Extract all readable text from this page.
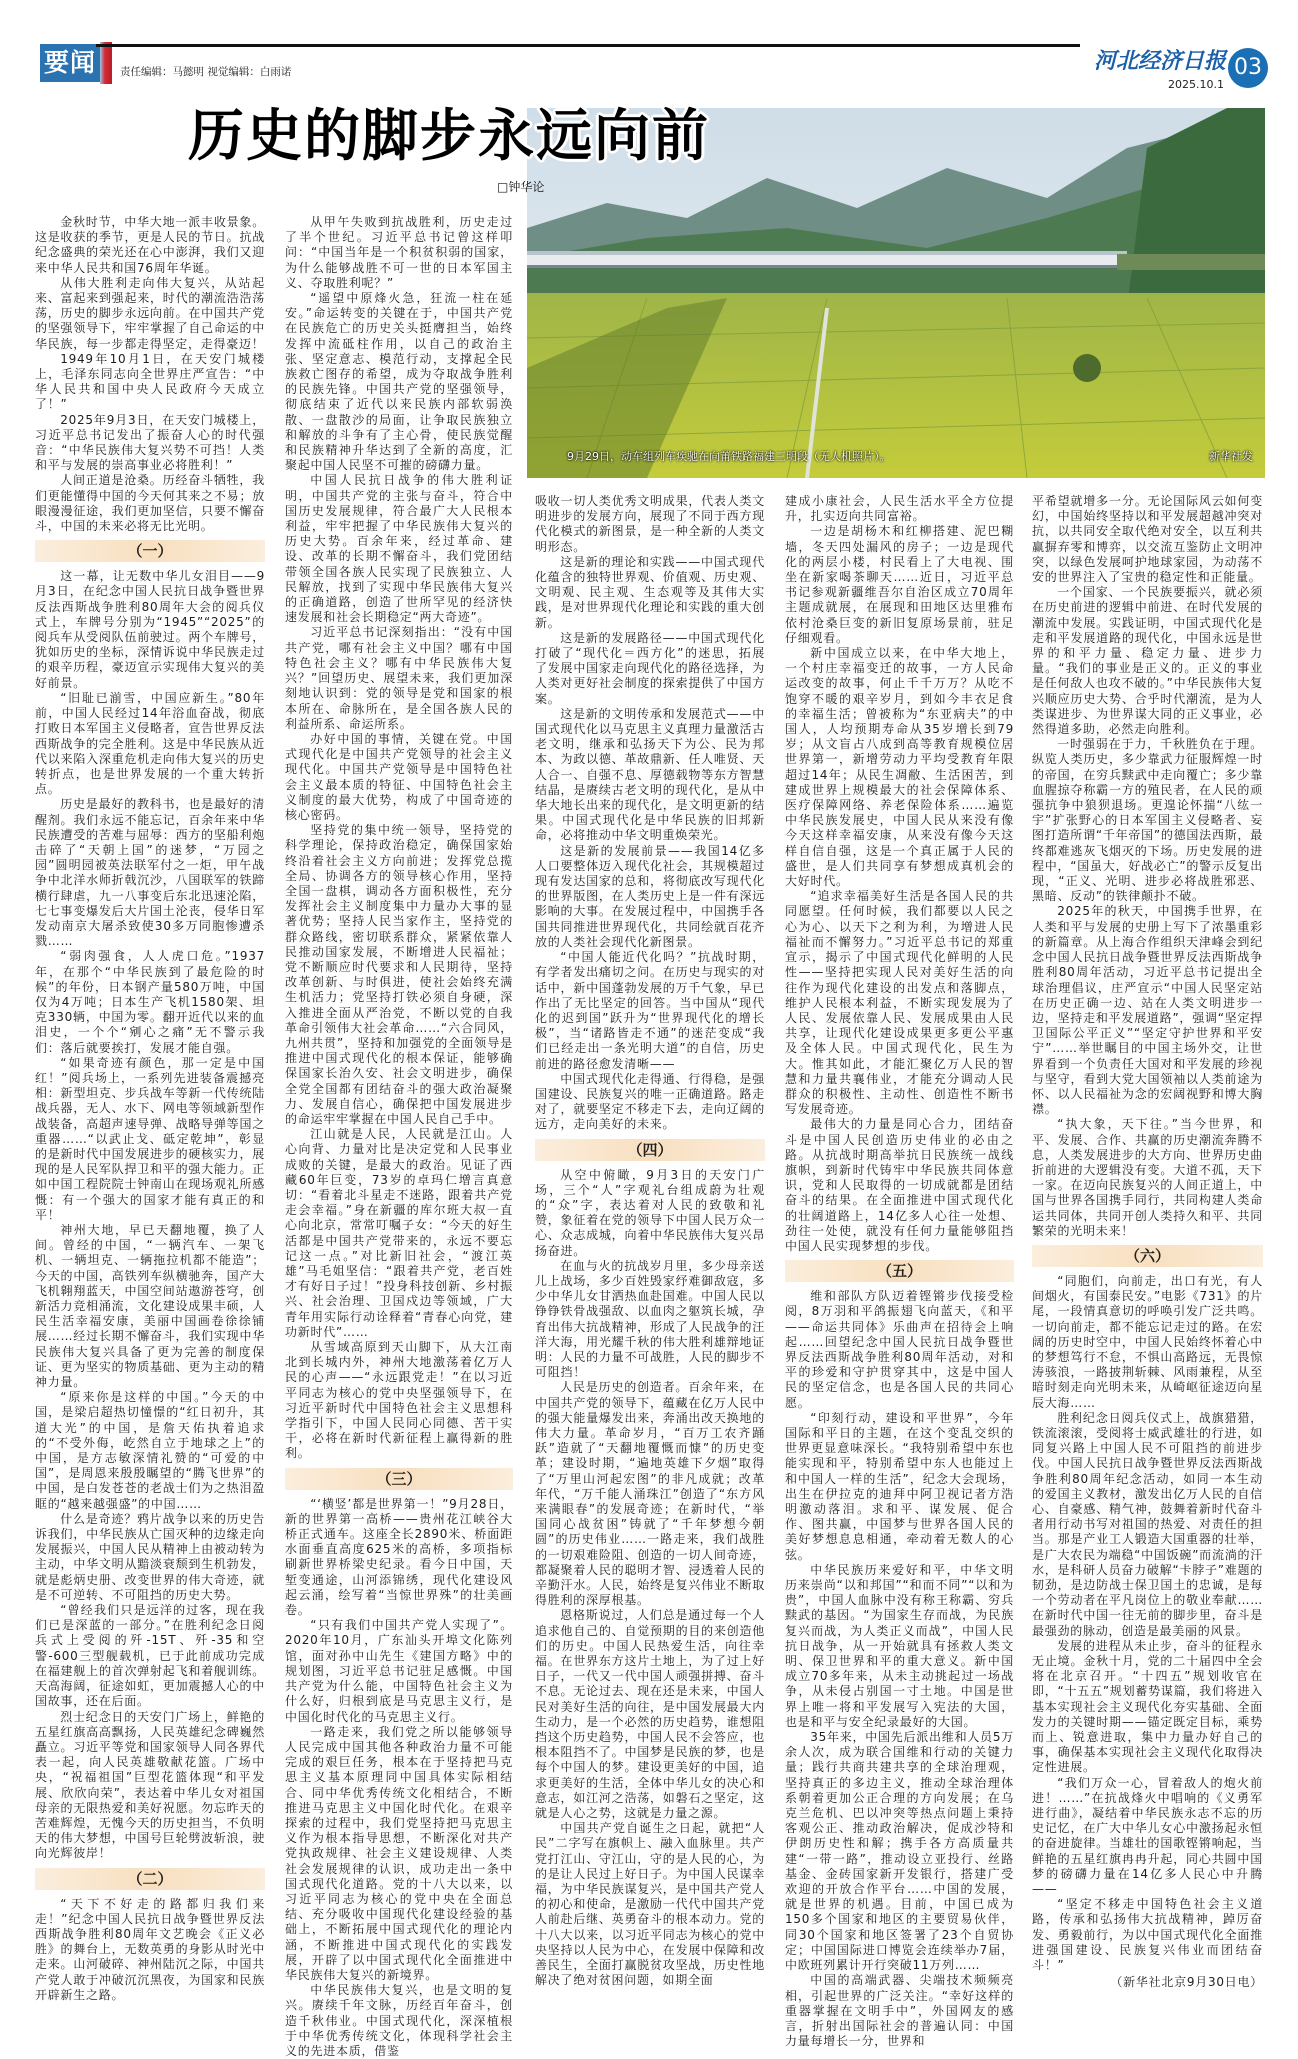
要闻	责任编辑：马懿明 视觉编辑：白雨诺	河北经济日报 03
2025.10.1
9月29日，动车组列车疾驰在向莆铁路福建三明段（无人机照片）。	新华社发
历史的脚步永远向前
□钟华论

金秋时节，中华大地一派丰收景象。这是收获的季节，更是人民的节日。抗战纪念盛典的荣光还在心中澎湃，我们又迎来中华人民共和国76周年华诞。

从伟大胜利走向伟大复兴，从站起来、富起来到强起来，时代的潮流浩浩荡荡，历史的脚步永远向前。在中国共产党的坚强领导下，牢牢掌握了自己命运的中华民族，每一步都走得坚定，走得豪迈！

1949年10月1日，在天安门城楼上，毛泽东同志向全世界庄严宣告：“中华人民共和国中央人民政府今天成立了！”

2025年9月3日，在天安门城楼上，习近平总书记发出了振奋人心的时代强音：“中华民族伟大复兴势不可挡！人类和平与发展的崇高事业必将胜利！”

人间正道是沧桑。历经奋斗牺牲，我们更能懂得中国的今天何其来之不易；放眼漫漫征途，我们更加坚信，只要不懈奋斗，中国的未来必将无比光明。

（一）

这一幕，让无数中华儿女泪目——9月3日，在纪念中国人民抗日战争暨世界反法西斯战争胜利80周年大会的阅兵仪式上，车牌号分别为“1945”“2025”的阅兵车从受阅队伍前驶过。两个车牌号，犹如历史的坐标，深情诉说中华民族走过的艰辛历程，豪迈宣示实现伟大复兴的美好前景。

“旧耻已湔雪，中国应新生。”80年前，中国人民经过14年浴血奋战，彻底打败日本军国主义侵略者，宣告世界反法西斯战争的完全胜利。这是中华民族从近代以来陷入深重危机走向伟大复兴的历史转折点，也是世界发展的一个重大转折点。

历史是最好的教科书，也是最好的清醒剂。我们永远不能忘记，百余年来中华民族遭受的苦难与屈辱：西方的坚船利炮击碎了“天朝上国”的迷梦，“万园之园”圆明园被英法联军付之一炬，甲午战争中北洋水师折戟沉沙，八国联军的铁蹄横行肆虐，九一八事变后东北迅速沦陷，七七事变爆发后大片国土沦丧，侵华日军发动南京大屠杀致使30多万同胞惨遭杀戮……

“弱肉强食，人人虎口危。”1937年，在那个“中华民族到了最危险的时候”的年份，日本钢产量580万吨，中国仅为4万吨；日本生产飞机1580架、坦克330辆，中国为零。翻开近代以来的血泪史，一个个“剜心之痛”无不警示我们：落后就要挨打，发展才能自强。

“如果奇迹有颜色，那一定是中国红！”阅兵场上，一系列先进装备震撼亮相：新型坦克、步兵战车等新一代传统陆战兵器，无人、水下、网电等领域新型作战装备，高超声速导弹、战略导弹等国之重器……“以武止戈、砥定乾坤”，彰显的是新时代中国发展进步的硬核实力，展现的是人民军队捍卫和平的强大能力。正如中国工程院院士钟南山在现场观礼所感慨：有一个强大的国家才能有真正的和平！

神州大地，早已天翻地覆，换了人间。曾经的中国，“一辆汽车、一架飞机、一辆坦克、一辆拖拉机都不能造”；今天的中国，高铁列车纵横驰奔，国产大飞机翱翔蓝天，中国空间站遨游苍穹，创新活力竞相涌流，文化建设成果丰硕，人民生活幸福安康，美丽中国画卷徐徐铺展……经过长期不懈奋斗，我们实现中华民族伟大复兴具备了更为完善的制度保证、更为坚实的物质基础、更为主动的精神力量。

“原来你是这样的中国。”今天的中国，是梁启超热切憧憬的“红日初升，其道大光”的中国，是詹天佑执着追求的“不受外侮，屹然自立于地球之上”的中国，是方志敏深情礼赞的“可爱的中国”，是周恩来殷殷瞩望的“腾飞世界”的中国，是白发苍苍的老战士们为之热泪盈眶的“越来越强盛”的中国……

什么是奇迹？鸦片战争以来的历史告诉我们，中华民族从亡国灭种的边缘走向发展振兴，中国人民从精神上由被动转为主动，中华文明从黯淡衰颓到生机勃发，就是彪炳史册、改变世界的伟大奇迹，就是不可逆转、不可阻挡的历史大势。

“曾经我们只是远洋的过客，现在我们已是深蓝的一部分。”在胜利纪念日阅兵式上受阅的歼-15T、歼-35和空警-600三型舰载机，已于此前成功完成在福建舰上的首次弹射起飞和着舰训练。天高海阔，征途如虹，更加震撼人心的中国故事，还在后面。

烈士纪念日的天安门广场上，鲜艳的五星红旗高高飘扬，人民英雄纪念碑巍然矗立。习近平等党和国家领导人同各界代表一起，向人民英雄敬献花篮。广场中央，“祝福祖国”巨型花篮体现“和平发展、欣欣向荣”，表达着中华儿女对祖国母亲的无限热爱和美好祝愿。勿忘昨天的苦难辉煌，无愧今天的历史担当，不负明天的伟大梦想，中国号巨轮劈波斩浪，驶向光辉彼岸！

（二）

“天下不好走的路都归我们来走！”纪念中国人民抗日战争暨世界反法西斯战争胜利80周年文艺晚会《正义必胜》的舞台上，无数英勇的身影从时光中走来。山河破碎、神州陆沉之际，中国共产党人敢于冲破沉沉黑夜，为国家和民族开辟新生之路。

从甲午失败到抗战胜利，历史走过了半个世纪。习近平总书记曾这样叩问：“中国当年是一个积贫积弱的国家，为什么能够战胜不可一世的日本军国主义、夺取胜利呢？”

“遥望中原烽火急，狂流一柱在延安。”命运转变的关键在于，中国共产党在民族危亡的历史关头挺膺担当，始终发挥中流砥柱作用，以自己的政治主张、坚定意志、模范行动，支撑起全民族救亡图存的希望，成为夺取战争胜利的民族先锋。中国共产党的坚强领导，彻底结束了近代以来民族内部软弱涣散、一盘散沙的局面，让争取民族独立和解放的斗争有了主心骨，使民族觉醒和民族精神升华达到了全新的高度，汇聚起中国人民坚不可摧的磅礴力量。

中国人民抗日战争的伟大胜利证明，中国共产党的主张与奋斗，符合中国历史发展规律，符合最广大人民根本利益，牢牢把握了中华民族伟大复兴的历史大势。百余年来，经过革命、建设、改革的长期不懈奋斗，我们党团结带领全国各族人民实现了民族独立、人民解放，找到了实现中华民族伟大复兴的正确道路，创造了世所罕见的经济快速发展和社会长期稳定“两大奇迹”。

习近平总书记深刻指出：“没有中国共产党，哪有社会主义中国？哪有中国特色社会主义？哪有中华民族伟大复兴？”回望历史、展望未来，我们更加深刻地认识到：党的领导是党和国家的根本所在、命脉所在，是全国各族人民的利益所系、命运所系。

办好中国的事情，关键在党。中国式现代化是中国共产党领导的社会主义现代化。中国共产党领导是中国特色社会主义最本质的特征、中国特色社会主义制度的最大优势，构成了中国奇迹的核心密码。

坚持党的集中统一领导，坚持党的科学理论，保持政治稳定，确保国家始终沿着社会主义方向前进；发挥党总揽全局、协调各方的领导核心作用，坚持全国一盘棋，调动各方面积极性，充分发挥社会主义制度集中力量办大事的显著优势；坚持人民当家作主，坚持党的群众路线，密切联系群众，紧紧依靠人民推动国家发展，不断增进人民福祉；党不断顺应时代要求和人民期待，坚持改革创新、与时俱进，使社会始终充满生机活力；党坚持打铁必须自身硬，深入推进全面从严治党，不断以党的自我革命引领伟大社会革命……“六合同风，九州共贯”，坚持和加强党的全面领导是推进中国式现代化的根本保证，能够确保国家长治久安、社会文明进步，确保全党全国都有团结奋斗的强大政治凝聚力、发展自信心，确保把中国发展进步的命运牢牢掌握在中国人民自己手中。

江山就是人民，人民就是江山。人心向背、力量对比是决定党和人民事业成败的关键，是最大的政治。见证了西藏60年巨变，73岁的卓玛仁增言真意切：“看着北斗星走不迷路，跟着共产党走会幸福。”身在新疆的库尔班大叔一直心向北京，常常叮嘱子女：“今天的好生活都是中国共产党带来的，永远不要忘记这一点。”对比新旧社会，“渡江英雄”马毛姐坚信：“跟着共产党，老百姓才有好日子过！”投身科技创新、乡村振兴、社会治理、卫国戍边等领域，广大青年用实际行动诠释着“青春心向党，建功新时代”……

从雪域高原到天山脚下，从大江南北到长城内外，神州大地激荡着亿万人民的心声——“永远跟党走！”在以习近平同志为核心的党中央坚强领导下，在习近平新时代中国特色社会主义思想科学指引下，中国人民同心同德、苦干实干，必将在新时代新征程上赢得新的胜利。

（三）

“‘横竖’都是世界第一！”9月28日，新的世界第一高桥——贵州花江峡谷大桥正式通车。这座全长2890米、桥面距水面垂直高度625米的高桥，多项指标刷新世界桥梁史纪录。看今日中国，天堑变通途，山河添锦绣，现代化建设风起云涌，绘写着“当惊世界殊”的壮美画卷。

“只有我们中国共产党人实现了”。2020年10月，广东汕头开埠文化陈列馆，面对孙中山先生《建国方略》中的规划图，习近平总书记驻足感慨。中国共产党为什么能，中国特色社会主义为什么好，归根到底是马克思主义行，是中国化时代化的马克思主义行。

一路走来，我们党之所以能够领导人民完成中国其他各种政治力量不可能完成的艰巨任务，根本在于坚持把马克思主义基本原理同中国具体实际相结合、同中华优秀传统文化相结合，不断推进马克思主义中国化时代化。在艰辛探索的过程中，我们党坚持把马克思主义作为根本指导思想，不断深化对共产党执政规律、社会主义建设规律、人类社会发展规律的认识，成功走出一条中国式现代化道路。党的十八大以来，以习近平同志为核心的党中央在全面总结、充分吸收中国现代化建设经验的基础上，不断拓展中国式现代化的理论内涵，不断推进中国式现代化的实践发展，开辟了以中国式现代化全面推进中华民族伟大复兴的新境界。

中华民族伟大复兴，也是文明的复兴。赓续千年文脉，历经百年奋斗，创造千秋伟业。中国式现代化，深深植根于中华优秀传统文化，体现科学社会主义的先进本质，借鉴

吸收一切人类优秀文明成果，代表人类文明进步的发展方向，展现了不同于西方现代化模式的新图景，是一种全新的人类文明形态。

这是新的理论和实践——中国式现代化蕴含的独特世界观、价值观、历史观、文明观、民主观、生态观等及其伟大实践，是对世界现代化理论和实践的重大创新。

这是新的发展路径——中国式现代化打破了“现代化＝西方化”的迷思，拓展了发展中国家走向现代化的路径选择，为人类对更好社会制度的探索提供了中国方案。

这是新的文明传承和发展范式——中国式现代化以马克思主义真理力量激活古老文明，继承和弘扬天下为公、民为邦本、为政以德、革故鼎新、任人唯贤、天人合一、自强不息、厚德载物等东方智慧结晶，是赓续古老文明的现代化，是从中华大地长出来的现代化，是文明更新的结果。中国式现代化是中华民族的旧邦新命，必将推动中华文明重焕荣光。

这是新的发展前景——我国14亿多人口要整体迈入现代化社会，其规模超过现有发达国家的总和，将彻底改写现代化的世界版图，在人类历史上是一件有深远影响的大事。在发展过程中，中国携手各国共同推进世界现代化，共同绘就百花齐放的人类社会现代化新图景。

“中国人能近代化吗？”抗战时期，有学者发出痛切之问。在历史与现实的对话中，新中国蓬勃发展的万千气象，早已作出了无比坚定的回答。当中国从“现代化的迟到国”跃升为“世界现代化的增长极”，当“诸路皆走不通”的迷茫变成“我们已经走出一条光明大道”的自信，历史前进的路径愈发清晰——

中国式现代化走得通、行得稳，是强国建设、民族复兴的唯一正确道路。路走对了，就要坚定不移走下去，走向辽阔的远方，走向美好的未来。

（四）

从空中俯瞰，9月3日的天安门广场，三个“人”字观礼台组成蔚为壮观的“众”字，表达着对人民的致敬和礼赞，象征着在党的领导下中国人民万众一心、众志成城，向着中华民族伟大复兴昂扬奋进。

在血与火的抗战岁月里，多少母亲送儿上战场，多少百姓毁家纾难御敌寇，多少中华儿女甘洒热血赴国难。中国人民以铮铮铁骨战强敌、以血肉之躯筑长城，孕育出伟大抗战精神，形成了人民战争的汪洋大海，用光耀千秋的伟大胜利雄辩地证明：人民的力量不可战胜，人民的脚步不可阻挡！

人民是历史的创造者。百余年来，在中国共产党的领导下，蕴藏在亿万人民中的强大能量爆发出来，奔涌出改天换地的伟大力量。革命岁月，“百万工农齐踊跃”造就了“天翻地覆慨而慷”的历史变革；建设时期，“遍地英雄下夕烟”取得了“万里山河起宏图”的非凡成就；改革年代，“万千能人涌珠江”创造了“东方风来满眼春”的发展奇迹；在新时代，“举国同心战贫困”铸就了“千年梦想今朝圆”的历史伟业……一路走来，我们战胜的一切艰难险阻、创造的一切人间奇迹，都凝聚着人民的聪明才智、浸透着人民的辛勤汗水。人民，始终是复兴伟业不断取得胜利的深厚根基。

恩格斯说过，人们总是通过每一个人追求他自己的、自觉预期的目的来创造他们的历史。中国人民热爱生活，向往幸福。在世界东方这片土地上，为了过上好日子，一代又一代中国人顽强拼搏、奋斗不息。无论过去、现在还是未来，中国人民对美好生活的向往，是中国发展最大内生动力，是一个必然的历史趋势，谁想阻挡这个历史趋势，中国人民不会答应，也根本阻挡不了。中国梦是民族的梦，也是每个中国人的梦。建设更美好的中国，追求更美好的生活，全体中华儿女的决心和意志，如江河之浩荡，如磐石之坚定，这就是人心之势，这就是力量之源。

中国共产党自诞生之日起，就把“人民”二字写在旗帜上、融入血脉里。共产党打江山、守江山，守的是人民的心，为的是让人民过上好日子。为中国人民谋幸福，为中华民族谋复兴，是中国共产党人的初心和使命，是激励一代代中国共产党人前赴后继、英勇奋斗的根本动力。党的十八大以来，以习近平同志为核心的党中央坚持以人民为中心，在发展中保障和改善民生，全面打赢脱贫攻坚战，历史性地解决了绝对贫困问题，如期全面

建成小康社会，人民生活水平全方位提升，扎实迈向共同富裕。

一边是胡杨木和红柳搭建、泥巴糊墙，冬天四处漏风的房子；一边是现代化的两层小楼，村民看上了大电视、围坐在新家喝茶聊天……近日，习近平总书记参观新疆维吾尔自治区成立70周年主题成就展，在展现和田地区达里雅布依村沧桑巨变的新旧复原场景前，驻足仔细观看。

新中国成立以来，在中华大地上，一个村庄幸福变迁的故事，一方人民命运改变的故事，何止千千万万？从吃不饱穿不暖的艰辛岁月，到如今丰衣足食的幸福生活；曾被称为“东亚病夫”的中国人，人均预期寿命从35岁增长到79岁；从文盲占八成到高等教育规模位居世界第一，新增劳动力平均受教育年限超过14年；从民生凋敝、生活困苦，到建成世界上规模最大的社会保障体系、医疗保障网络、养老保险体系……遍览中华民族发展史，中国人民从来没有像今天这样幸福安康，从来没有像今天这样自信自强，这是一个真正属于人民的盛世，是人们共同享有梦想成真机会的大好时代。

“追求幸福美好生活是各国人民的共同愿望。任何时候，我们都要以人民之心为心、以天下之利为利，为增进人民福祉而不懈努力。”习近平总书记的郑重宣示，揭示了中国式现代化鲜明的人民性——坚持把实现人民对美好生活的向往作为现代化建设的出发点和落脚点，维护人民根本利益，不断实现发展为了人民、发展依靠人民、发展成果由人民共享，让现代化建设成果更多更公平惠及全体人民。中国式现代化，民生为大。惟其如此，才能汇聚亿万人民的智慧和力量共襄伟业，才能充分调动人民群众的积极性、主动性、创造性不断书写发展奇迹。

最伟大的力量是同心合力，团结奋斗是中国人民创造历史伟业的必由之路。从抗战时期高举抗日民族统一战线旗帜，到新时代铸牢中华民族共同体意识，党和人民取得的一切成就都是团结奋斗的结果。在全面推进中国式现代化的壮阔道路上，14亿多人心往一处想、劲往一处使，就没有任何力量能够阻挡中国人民实现梦想的步伐。

（五）

维和部队方队迈着铿锵步伐接受检阅，8万羽和平鸽振翅飞向蓝天，《和平——命运共同体》乐曲声在招待会上响起……回望纪念中国人民抗日战争暨世界反法西斯战争胜利80周年活动，对和平的珍爱和守护贯穿其中，这是中国人民的坚定信念，也是各国人民的共同心愿。

“印刻行动，建设和平世界”，今年国际和平日的主题，在这个变乱交织的世界更显意味深长。“我特别希望中东也能实现和平，特别希望中东人也能过上和中国人一样的生活”，纪念大会现场，出生在伊拉克的迪拜中阿卫视记者方浩明激动落泪。求和平、谋发展、促合作、图共赢，中国梦与世界各国人民的美好梦想息息相通，牵动着无数人的心弦。

中华民族历来爱好和平，中华文明历来崇尚“以和邦国”“和而不同”“以和为贵”，中国人血脉中没有称王称霸、穷兵黩武的基因。“为国家生存而战，为民族复兴而战，为人类正义而战”，中国人民抗日战争，从一开始就具有拯救人类文明、保卫世界和平的重大意义。新中国成立70多年来，从未主动挑起过一场战争，从未侵占别国一寸土地。中国是世界上唯一将和平发展写入宪法的大国，也是和平与安全纪录最好的大国。

35年来，中国先后派出维和人员5万余人次，成为联合国维和行动的关键力量；践行共商共建共享的全球治理观，坚持真正的多边主义，推动全球治理体系朝着更加公正合理的方向发展；在乌克兰危机、巴以冲突等热点问题上秉持客观公正、推动政治解决，促成沙特和伊朗历史性和解；携手各方高质量共建“一带一路”，推动设立亚投行、丝路基金、金砖国家新开发银行，搭建广受欢迎的开放合作平台……中国的发展，就是世界的机遇。目前，中国已成为150多个国家和地区的主要贸易伙伴，同30个国家和地区签署了23个自贸协定；中国国际进口博览会连续举办7届，中欧班列累计开行突破11万列……

中国的高端武器、尖端技术频频亮相，引起世界的广泛关注。“幸好这样的重器掌握在文明手中”，外国网友的感言，折射出国际社会的普遍认同：中国力量每增长一分，世界和

平希望就增多一分。无论国际风云如何变幻，中国始终坚持以和平发展超越冲突对抗，以共同安全取代绝对安全，以互利共赢摒弃零和博弈，以交流互鉴防止文明冲突，以绿色发展呵护地球家园，为动荡不安的世界注入了宝贵的稳定性和正能量。

一个国家、一个民族要振兴，就必须在历史前进的逻辑中前进、在时代发展的潮流中发展。实践证明，中国式现代化是走和平发展道路的现代化，中国永远是世界的和平力量、稳定力量、进步力量。“我们的事业是正义的。正义的事业是任何敌人也攻不破的。”中华民族伟大复兴顺应历史大势、合乎时代潮流，是为人类谋进步、为世界谋大同的正义事业，必然得道多助，必然走向胜利。

一时强弱在于力，千秋胜负在于理。纵览人类历史，多少靠武力征服辉煌一时的帝国，在穷兵黩武中走向覆亡；多少靠血腥掠夺称霸一方的殖民者，在人民的顽强抗争中狼狈退场。更遑论怀揣“八纮一宇”扩张野心的日本军国主义侵略者、妄图打造所谓“千年帝国”的德国法西斯，最终都难逃灰飞烟灭的下场。历史发展的进程中，“国虽大，好战必亡”的警示反复出现，“正义、光明、进步必将战胜邪恶、黑暗、反动”的铁律颠扑不破。

2025年的秋天，中国携手世界，在人类和平与发展的史册上写下了浓墨重彩的新篇章。从上海合作组织天津峰会到纪念中国人民抗日战争暨世界反法西斯战争胜利80周年活动，习近平总书记提出全球治理倡议，庄严宣示“中国人民坚定站在历史正确一边、站在人类文明进步一边，坚持走和平发展道路”，强调“坚定捍卫国际公平正义”“坚定守护世界和平安宁”……举世瞩目的中国主场外交，让世界看到一个负责任大国对和平发展的珍视与坚守，看到大党大国领袖以人类前途为怀、以人民福祉为念的宏阔视野和博大胸襟。

“执大象，天下往。”当今世界，和平、发展、合作、共赢的历史潮流奔腾不息，人类发展进步的大方向、世界历史曲折前进的大逻辑没有变。大道不孤，天下一家。在迈向民族复兴的人间正道上，中国与世界各国携手同行，共同构建人类命运共同体，共同开创人类持久和平、共同繁荣的光明未来！

（六）

“同胞们，向前走，出口有光，有人间烟火，有国泰民安。”电影《731》的片尾，一段情真意切的呼唤引发广泛共鸣。一切向前走，都不能忘记走过的路。在宏阔的历史时空中，中国人民始终怀着心中的梦想笃行不怠，不惧山高路远，无畏惊涛骇浪，一路披荆斩棘、风雨兼程，从至暗时刻走向光明未来，从崎岖征途迈向星辰大海……

胜利纪念日阅兵仪式上，战旗猎猎，铁流滚滚，受阅将士威武雄壮的行进，如同复兴路上中国人民不可阻挡的前进步伐。中国人民抗日战争暨世界反法西斯战争胜利80周年纪念活动，如同一本生动的爱国主义教材，激发出亿万人民的自信心、自豪感、精气神，鼓舞着新时代奋斗者用行动书写对祖国的热爱、对责任的担当。那是产业工人锻造大国重器的壮举，是广大农民为端稳“中国饭碗”而流淌的汗水，是科研人员奋力破解“卡脖子”难题的韧劲，是边防战士保卫国土的忠诚，是每一个劳动者在平凡岗位上的敬业奉献……在新时代中国一往无前的脚步里，奋斗是最强劲的脉动，创造是最美丽的风景。

发展的进程从未止步，奋斗的征程永无止境。金秋十月，党的二十届四中全会将在北京召开。“十四五”规划收官在即，“十五五”规划蓄势谋篇，我们将进入基本实现社会主义现代化夯实基础、全面发力的关键时期——锚定既定目标，乘势而上、锐意进取，集中力量办好自己的事，确保基本实现社会主义现代化取得决定性进展。

“我们万众一心，冒着敌人的炮火前进！……”在抗战烽火中唱响的《义勇军进行曲》，凝结着中华民族永志不忘的历史记忆，在广大中华儿女心中激扬起永恒的奋进旋律。当雄壮的国歌铿锵响起，当鲜艳的五星红旗冉冉升起，同心共圆中国梦的磅礴力量在14亿多人民心中升腾——

“坚定不移走中国特色社会主义道路，传承和弘扬伟大抗战精神，踔厉奋发、勇毅前行，为以中国式现代化全面推进强国建设、民族复兴伟业而团结奋斗！”

（新华社北京9月30日电）
